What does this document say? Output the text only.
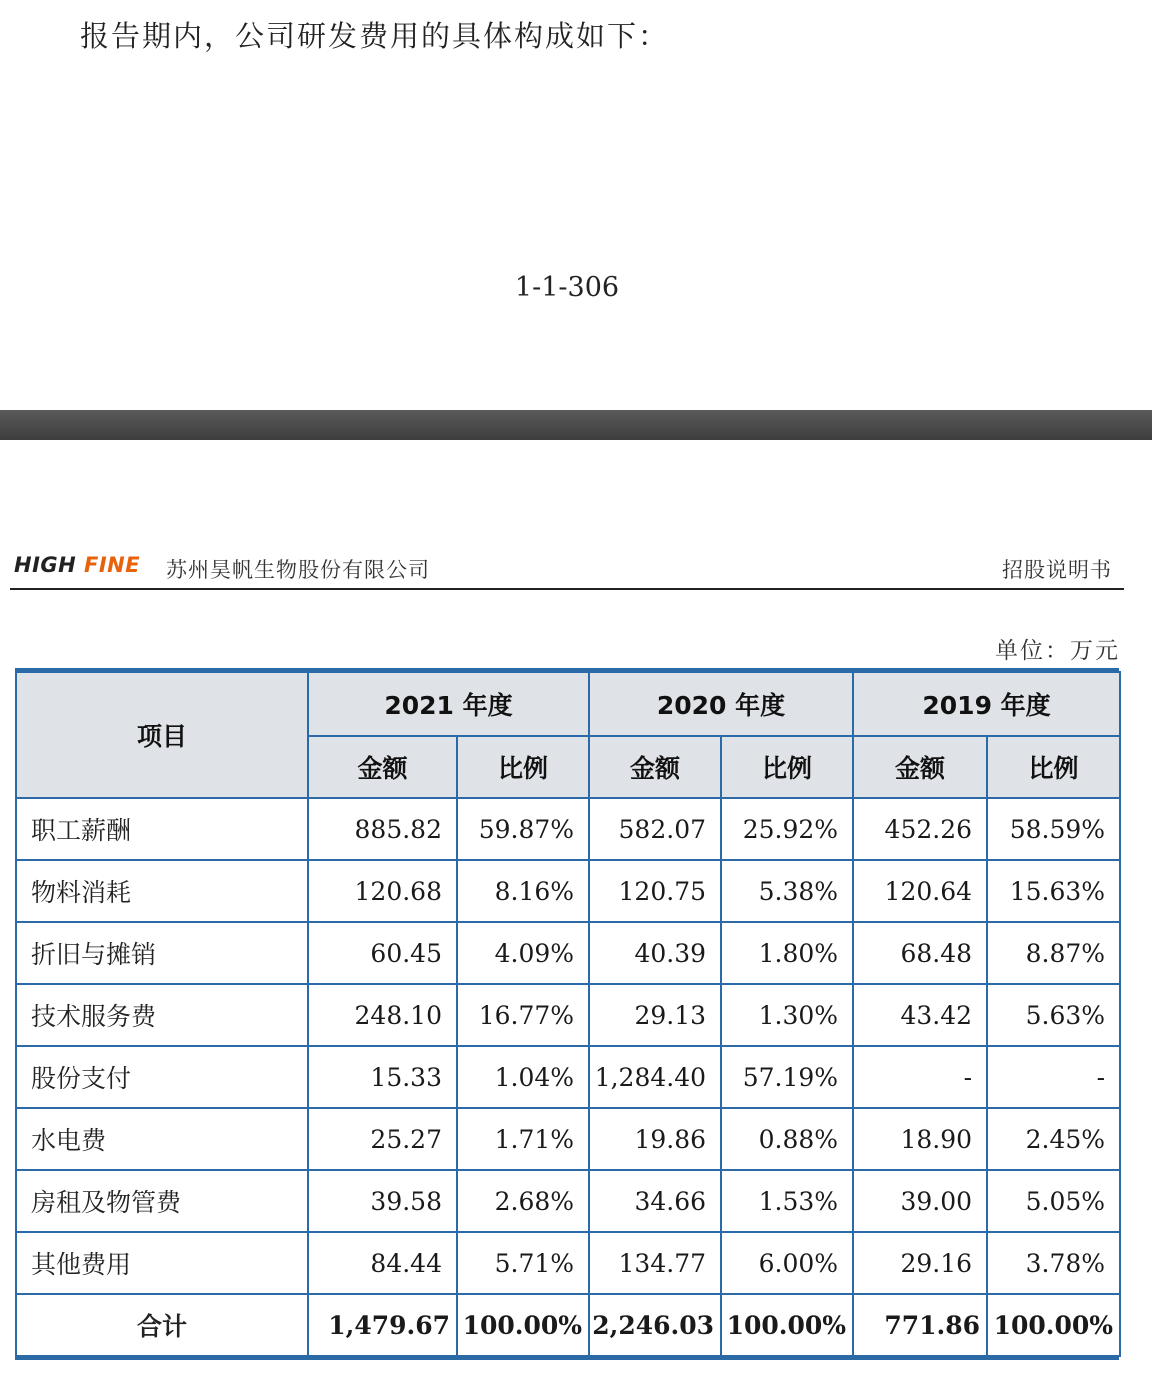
报告期内，公司研发费用的具体构成如下：
1-1-306
HIGH FINE 苏州昊帆生物股份有限公司	招股说明书
单位：万元
项目	2021 年度		2020 年度		2019 年度	
	金额	比例	金额	比例	金额	比例
职工薪酬	885.82	59.87%	582.07	25.92%	452.26	58.59%
物料消耗	120.68	8.16%	120.75	5.38%	120.64	15.63%
折旧与摊销	60.45	4.09%	40.39	1.80%	68.48	8.87%
技术服务费	248.10	16.77%	29.13	1.30%	43.42	5.63%
股份支付	15.33	1.04%	1,284.40	57.19%	-	-
水电费	25.27	1.71%	19.86	0.88%	18.90	2.45%
房租及物管费	39.58	2.68%	34.66	1.53%	39.00	5.05%
其他费用	84.44	5.71%	134.77	6.00%	29.16	3.78%
合计	1,479.67	100.00%	2,246.03	100.00%	771.86	100.00%
